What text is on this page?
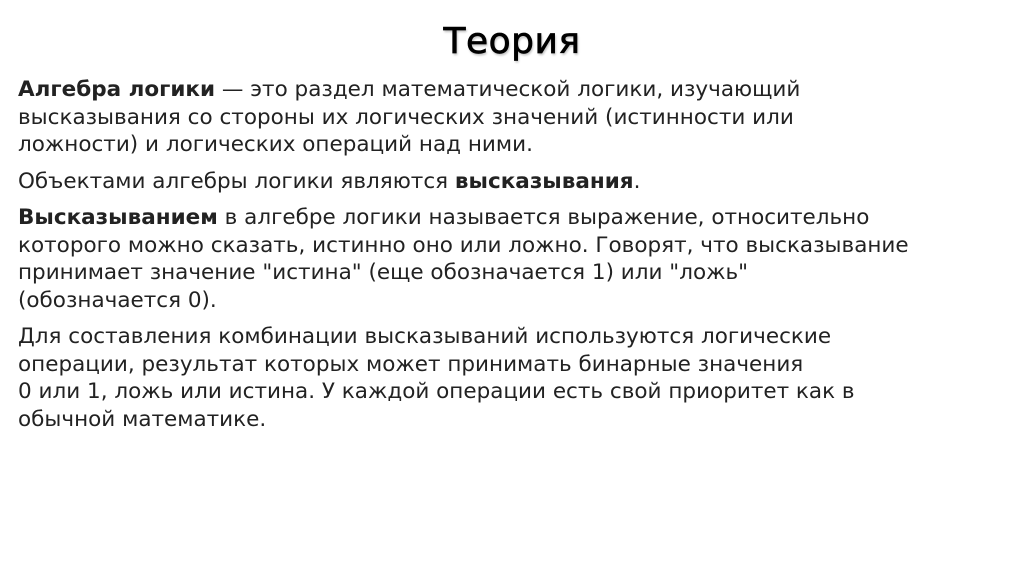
Теория

Алгебра логики — это раздел математической логики, изучающий
высказывания со стороны их логических значений (истинности или
ложности) и логических операций над ними.

Объектами алгебры логики являются высказывания.

Высказыванием в алгебре логики называется выражение, относительно
которого можно сказать, истинно оно или ложно. Говорят, что высказывание
принимает значение "истина" (еще обозначается 1) или "ложь"
(обозначается 0).

Для составления комбинации высказываний используются логические
операции, результат которых может принимать бинарные значения
0 или 1, ложь или истина. У каждой операции есть свой приоритет как в
обычной математике.
